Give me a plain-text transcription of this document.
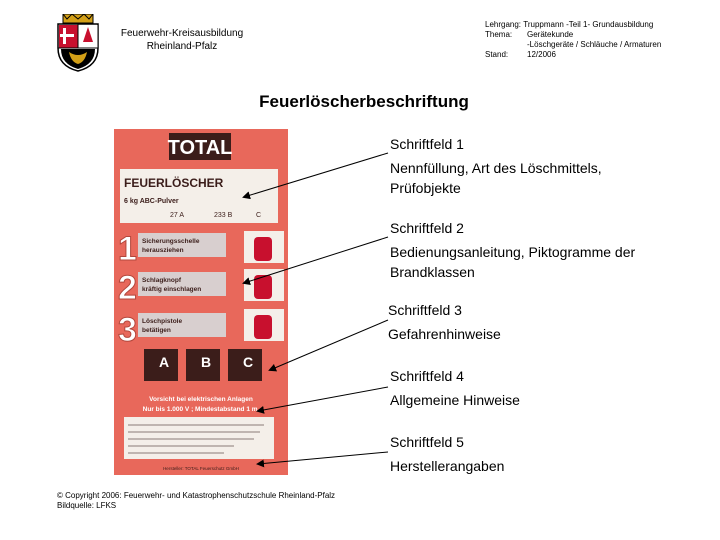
Feuerwehr-Kreisausbildung
Rheinland-Pfalz
Lehrgang:
Truppmann -Teil 1- Grundausbildung
Thema:	Gerätekunde
-Löschgeräte / Schläuche / Armaturen
Stand:	12/2006
Feuerlöscherbeschriftung
TOTAL
FEUERLÖSCHER
6 kg ABC-Pulver
27 A	233 B	C
1 Sicherungsschelle
herausziehen
2 Schlagknopf
kräftig einschlagen
3 Löschpistole
betätigen
A B C
Vorsicht bei elektrischen Anlagen
Nur bis 1.000 V ; Mindestabstand 1 m.
Hersteller: TOTAL Feuerschutz GmbH
Schriftfeld 1
Nennfüllung, Art des Löschmittels,
Prüfobjekte
Schriftfeld 2
Bedienungsanleitung, Piktogramme der
Brandklassen
Schriftfeld 3
Gefahrenhinweise
Schriftfeld 4
Allgemeine Hinweise
Schriftfeld 5
Herstellerangaben
© Copyright 2006: Feuerwehr- und Katastrophenschutzschule Rheinland-Pfalz
Bildquelle: LFKS
